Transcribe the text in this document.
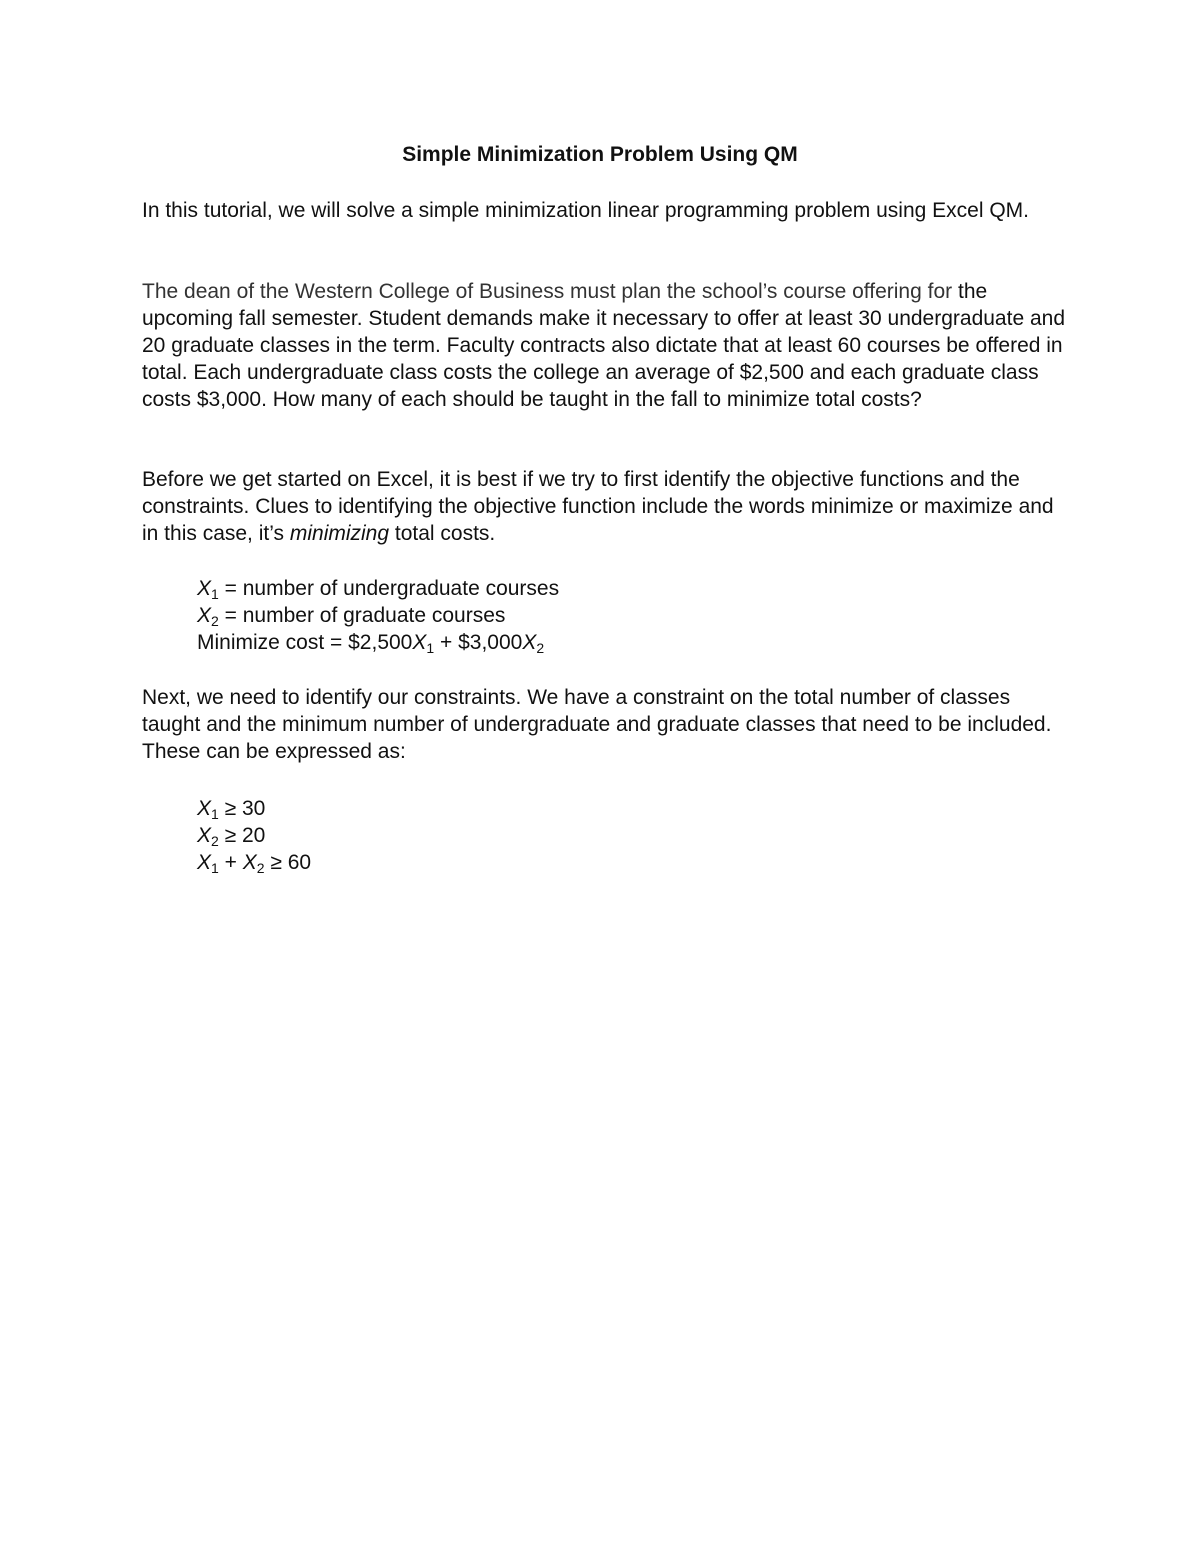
Simple Minimization Problem Using QM

In this tutorial, we will solve a simple minimization linear programming problem using Excel QM.

The dean of the Western College of Business must plan the school’s course offering for the upcoming fall semester. Student demands make it necessary to offer at least 30 undergraduate and 20 graduate classes in the term. Faculty contracts also dictate that at least 60 courses be offered in total. Each undergraduate class costs the college an average of $2,500 and each graduate class costs $3,000. How many of each should be taught in the fall to minimize total costs?

Before we get started on Excel, it is best if we try to first identify the objective functions and the constraints. Clues to identifying the objective function include the words minimize or maximize and in this case, it’s minimizing total costs.

$X_1$ = number of undergraduate courses
$X_2$ = number of graduate courses
Minimize $\cos t = \$2,500X_1$ + $\$3,000X_2$

Next, we need to identify our constraints. We have a constraint on the total number of classes taught and the minimum number of undergraduate and graduate classes that need to be included. These can be expressed as:

$X_1 \ge 30$
$X_2 \ge 20$
$X_1 + X_2 \ge 60$
